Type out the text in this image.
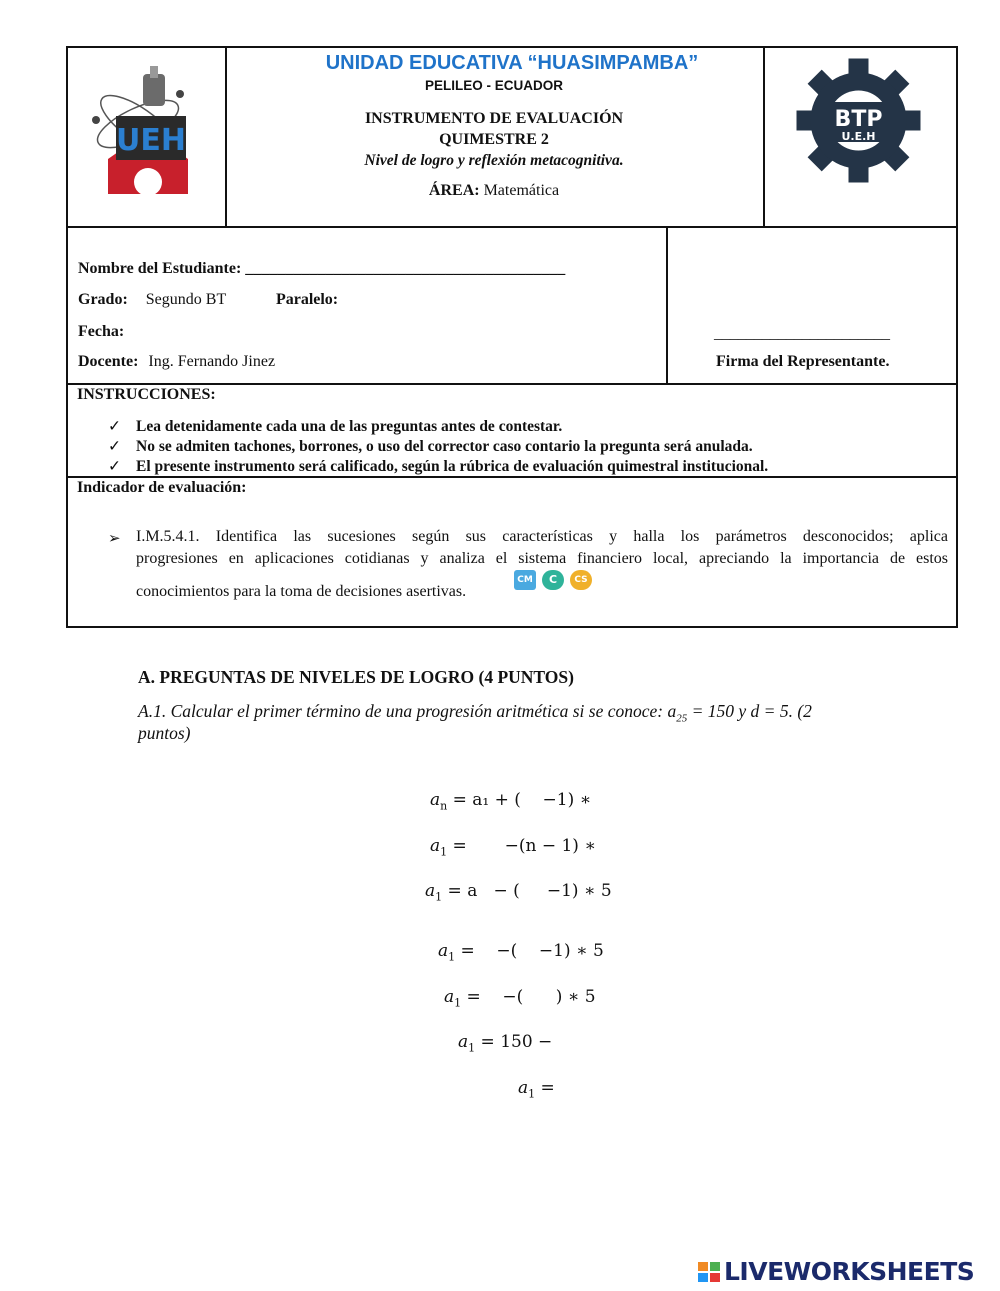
UEH
UNIDAD EDUCATIVA “HUASIMPAMBA”
PELILEO - ECUADOR
INSTRUMENTO DE EVALUACIÓN
QUIMESTRE 2
Nivel de logro y reflexión metacognitiva.
ÁREA: Matemática
BTP
U.E.H
Nombre del Estudiante: ________________________________________
Grado: Segundo BT	Paralelo:
Fecha:
Docente: Ing. Fernando Jinez
______________________
Firma del Representante.
INSTRUCCIONES:
✓ Lea detenidamente cada una de las preguntas antes de contestar.
✓ No se admiten tachones, borrones, o uso del corrector caso contario la pregunta será anulada.
✓ El presente instrumento será calificado, según la rúbrica de evaluación quimestral institucional.
Indicador de evaluación:
➢ I.M.5.4.1. Identifica las sucesiones según sus características y halla los parámetros desconocidos; aplica
progresiones en aplicaciones cotidianas y analiza el sistema financiero local, apreciando la importancia de estos
conocimientos para la toma de decisiones asertivas.
CM	C	CS
A. PREGUNTAS DE NIVELES DE LOGRO (4 PUNTOS)
A.1. Calcular el primer término de una progresión aritmética si se conoce: $a_{25} = 150$ y d = 5. (2
puntos)
$a_n = a_1$ + (    −1) ∗
$a_1$ =       −(n − 1) ∗
$a_1 = a$   − (     −1) ∗ 5
$a_1$ =    −(    −1) ∗ 5
$a_1$ =    −(      ) ∗ 5
$a_1 = 150$ −
$a_1$ =
LIVEWORKSHEETS
